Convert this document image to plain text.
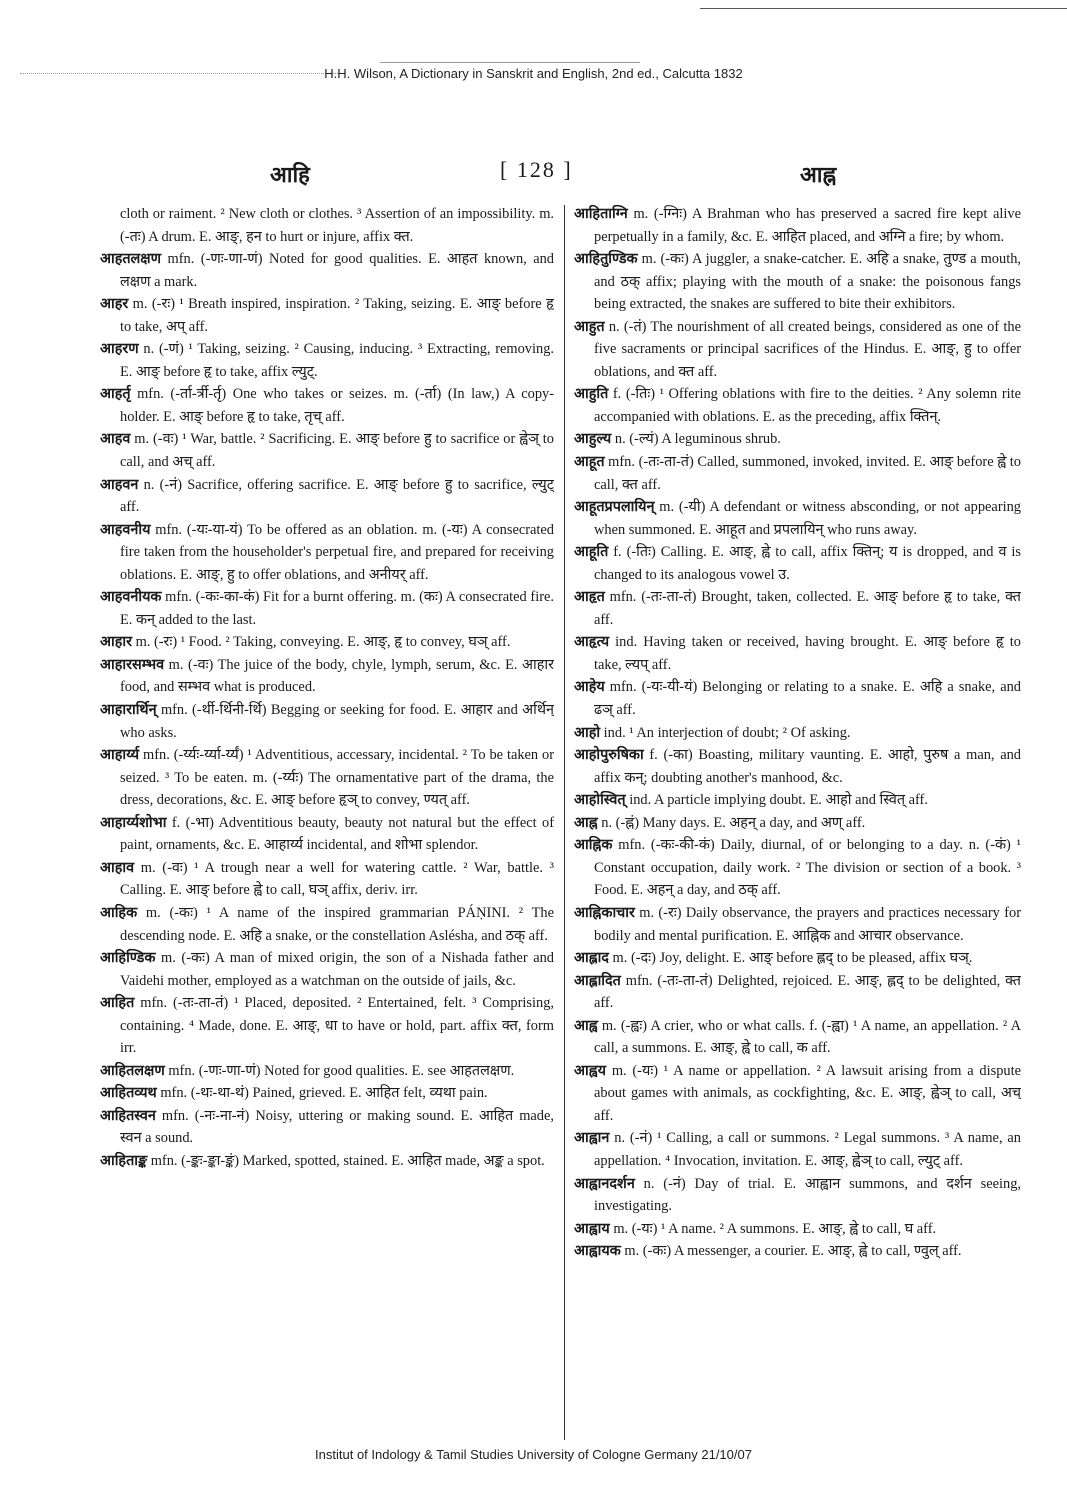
H.H. Wilson, A Dictionary in Sanskrit and English, 2nd ed., Calcutta 1832
आहि	[ 128 ]	आह्न

cloth or raiment. ² New cloth or clothes. ³ Assertion of an impossibility. m. (-तः) A drum. E. आङ्, हन to hurt or injure, affix क्त.

आहतलक्षण mfn. (-णः-णा-णं) Noted for good qualities. E. आहत known, and लक्षण a mark.

आहर m. (-रः) ¹ Breath inspired, inspiration. ² Taking, seizing. E. आङ् before हृ to take, अप् aff.

आहरण n. (-णं) ¹ Taking, seizing. ² Causing, inducing. ³ Extracting, removing. E. आङ् before हृ to take, affix ल्युट्.

आहर्तृ mfn. (-र्ता-र्त्री-र्तृ) One who takes or seizes. m. (-र्ता) (In law,) A copy-holder. E. आङ् before हृ to take, तृच् aff.

आहव m. (-वः) ¹ War, battle. ² Sacrificing. E. आङ् before हु to sacrifice or ह्वेञ् to call, and अच् aff.

आहवन n. (-नं) Sacrifice, offering sacrifice. E. आङ् before हु to sacrifice, ल्युट् aff.

आहवनीय mfn. (-यः-या-यं) To be offered as an oblation. m. (-यः) A consecrated fire taken from the householder's perpetual fire, and prepared for receiving oblations. E. आङ्, हु to offer oblations, and अनीयर् aff.

आहवनीयक mfn. (-कः-का-कं) Fit for a burnt offering. m. (कः) A consecrated fire. E. कन् added to the last.

आहार m. (-रः) ¹ Food. ² Taking, conveying. E. आङ्, हृ to convey, घञ् aff.

आहारसम्भव m. (-वः) The juice of the body, chyle, lymph, serum, &c. E. आहार food, and सम्भव what is produced.

आहारार्थिन् mfn. (-र्थी-र्थिनी-र्थि) Begging or seeking for food. E. आहार and अर्थिन् who asks.

आहार्य्य mfn. (-र्य्यः-र्य्या-र्य्यं) ¹ Adventitious, accessary, incidental. ² To be taken or seized. ³ To be eaten. m. (-र्य्यः) The ornamentative part of the drama, the dress, decorations, &c. E. आङ् before हृञ् to convey, ण्यत् aff.

आहार्य्यशोभा f. (-भा) Adventitious beauty, beauty not natural but the effect of paint, ornaments, &c. E. आहार्य्य incidental, and शोभा splendor.

आहाव m. (-वः) ¹ A trough near a well for watering cattle. ² War, battle. ³ Calling. E. आङ् before ह्वे to call, घञ् affix, deriv. irr.

आहिक m. (-कः) ¹ A name of the inspired grammarian PÁṆINI. ² The descending node. E. अहि a snake, or the constellation Aslésha, and ठक् aff.

आहिण्डिक m. (-कः) A man of mixed origin, the son of a Nishada father and Vaidehi mother, employed as a watchman on the outside of jails, &c.

आहित mfn. (-तः-ता-तं) ¹ Placed, deposited. ² Entertained, felt. ³ Comprising, containing. ⁴ Made, done. E. आङ्, धा to have or hold, part. affix क्त, form irr.

आहितलक्षण mfn. (-णः-णा-णं) Noted for good qualities. E. see आहतलक्षण.

आहितव्यथ mfn. (-थः-था-थं) Pained, grieved. E. आहित felt, व्यथा pain.

आहितस्वन mfn. (-नः-ना-नं) Noisy, uttering or making sound. E. आहित made, स्वन a sound.

आहिताङ्क mfn. (-ङ्कः-ङ्का-ङ्कं) Marked, spotted, stained. E. आहित made, अङ्क a spot.

आहिताग्नि m. (-ग्निः) A Brahman who has preserved a sacred fire kept alive perpetually in a family, &c. E. आहित placed, and अग्नि a fire; by whom.

आहितुण्डिक m. (-कः) A juggler, a snake-catcher. E. अहि a snake, तुण्ड a mouth, and ठक् affix; playing with the mouth of a snake: the poisonous fangs being extracted, the snakes are suffered to bite their exhibitors.

आहुत n. (-तं) The nourishment of all created beings, considered as one of the five sacraments or principal sacrifices of the Hindus. E. आङ्, हु to offer oblations, and क्त aff.

आहुति f. (-तिः) ¹ Offering oblations with fire to the deities. ² Any solemn rite accompanied with oblations. E. as the preceding, affix क्तिन्.

आहुल्य n. (-ल्यं) A leguminous shrub.

आहूत mfn. (-तः-ता-तं) Called, summoned, invoked, invited. E. आङ् before ह्वे to call, क्त aff.

आहूतप्रपलायिन् m. (-यी) A defendant or witness absconding, or not appearing when summoned. E. आहूत and प्रपलायिन् who runs away.

आहूति f. (-तिः) Calling. E. आङ्, ह्वे to call, affix क्तिन्; य is dropped, and व is changed to its analogous vowel उ.

आहृत mfn. (-तः-ता-तं) Brought, taken, collected. E. आङ् before हृ to take, क्त aff.

आहृत्य ind. Having taken or received, having brought. E. आङ् before हृ to take, ल्यप् aff.

आहेय mfn. (-यः-यी-यं) Belonging or relating to a snake. E. अहि a snake, and ढञ् aff.

आहो ind. ¹ An interjection of doubt; ² Of asking.

आहोपुरुषिका f. (-का) Boasting, military vaunting. E. आहो, पुरुष a man, and affix कन्; doubting another's manhood, &c.

आहोस्वित् ind. A particle implying doubt. E. आहो and स्वित् aff.

आह्न n. (-ह्नं) Many days. E. अहन् a day, and अण् aff.

आह्निक mfn. (-कः-की-कं) Daily, diurnal, of or belonging to a day. n. (-कं) ¹ Constant occupation, daily work. ² The division or section of a book. ³ Food. E. अहन् a day, and ठक् aff.

आह्निकाचार m. (-रः) Daily observance, the prayers and practices necessary for bodily and mental purification. E. आह्निक and आचार observance.

आह्लाद m. (-दः) Joy, delight. E. आङ् before ह्लद् to be pleased, affix घञ्.

आह्लादित mfn. (-तः-ता-तं) Delighted, rejoiced. E. आङ्, ह्लद् to be delighted, क्त aff.

आह्व m. (-ह्वः) A crier, who or what calls. f. (-ह्वा) ¹ A name, an appellation. ² A call, a summons. E. आङ्, ह्वे to call, क aff.

आह्वय m. (-यः) ¹ A name or appellation. ² A lawsuit arising from a dispute about games with animals, as cockfighting, &c. E. आङ्, ह्वेञ् to call, अच् aff.

आह्वान n. (-नं) ¹ Calling, a call or summons. ² Legal summons. ³ A name, an appellation. ⁴ Invocation, invitation. E. आङ्, ह्वेञ् to call, ल्युट् aff.

आह्वानदर्शन n. (-नं) Day of trial. E. आह्वान summons, and दर्शन seeing, investigating.

आह्वाय m. (-यः) ¹ A name. ² A summons. E. आङ्, ह्वे to call, घ aff.

आह्वायक m. (-कः) A messenger, a courier. E. आङ्, ह्वे to call, ण्वुल् aff.

Institut of Indology & Tamil Studies University of Cologne Germany 21/10/07
